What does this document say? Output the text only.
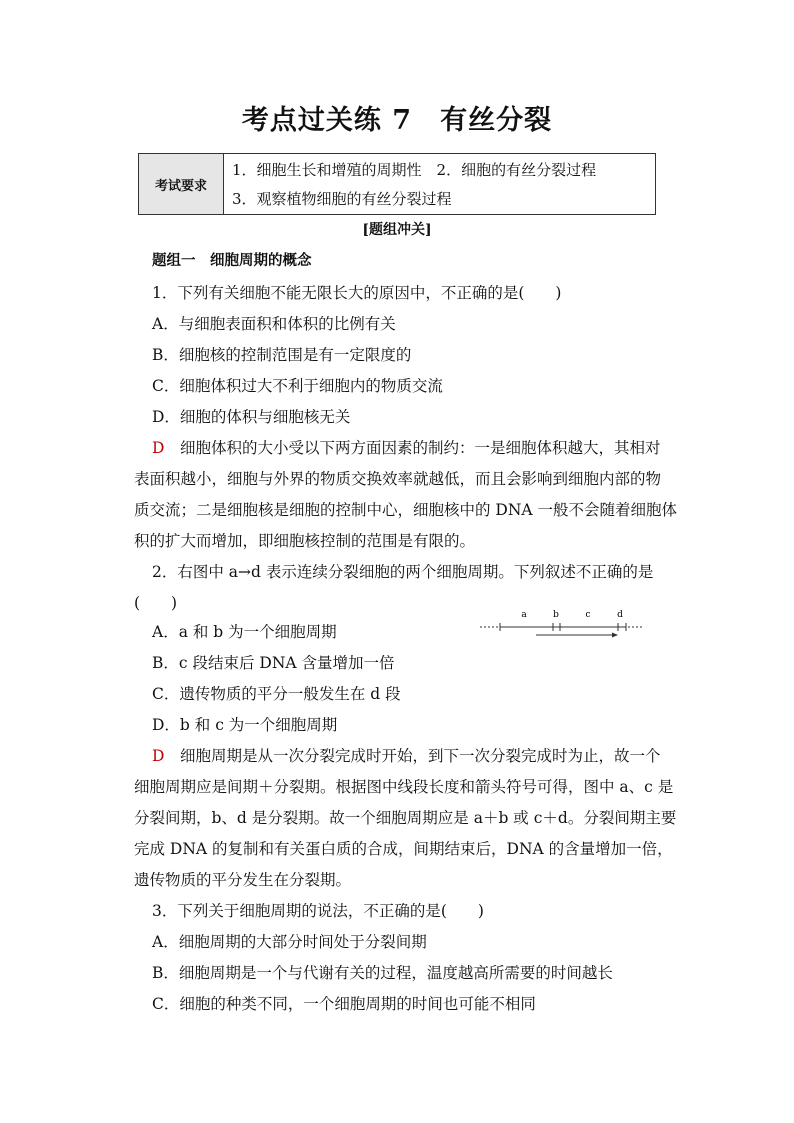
考点过关练 7　有丝分裂
考试要求
1．细胞生长和增殖的周期性　2．细胞的有丝分裂过程
3．观察植物细胞的有丝分裂过程
[题组冲关]
题组一　细胞周期的概念
1．下列有关细胞不能无限长大的原因中，不正确的是(　　)
A．与细胞表面积和体积的比例有关
B．细胞核的控制范围是有一定限度的
C．细胞体积过大不利于细胞内的物质交流
D．细胞的体积与细胞核无关
D　 细胞体积的大小受以下两方面因素的制约：一是细胞体积越大，其相对
表面积越小，细胞与外界的物质交换效率就越低，而且会影响到细胞内部的物
质交流；二是细胞核是细胞的控制中心，细胞核中的 DNA 一般不会随着细胞体
积的扩大而增加，即细胞核控制的范围是有限的。
2．右图中 a→d 表示连续分裂细胞的两个细胞周期。下列叙述不正确的是
(　　)
A．a 和 b 为一个细胞周期
B．c 段结束后 DNA 含量增加一倍
C．遗传物质的平分一般发生在 d 段
D．b 和 c 为一个细胞周期
a	b	c	d
D　 细胞周期是从一次分裂完成时开始，到下一次分裂完成时为止，故一个
细胞周期应是间期＋分裂期。根据图中线段长度和箭头符号可得，图中 a、c 是
分裂间期，b、d 是分裂期。故一个细胞周期应是 a＋b 或 c＋d。分裂间期主要
完成 DNA 的复制和有关蛋白质的合成，间期结束后，DNA 的含量增加一倍，
遗传物质的平分发生在分裂期。
3．下列关于细胞周期的说法，不正确的是(　　)
A．细胞周期的大部分时间处于分裂间期
B．细胞周期是一个与代谢有关的过程，温度越高所需要的时间越长
C．细胞的种类不同，一个细胞周期的时间也可能不相同
